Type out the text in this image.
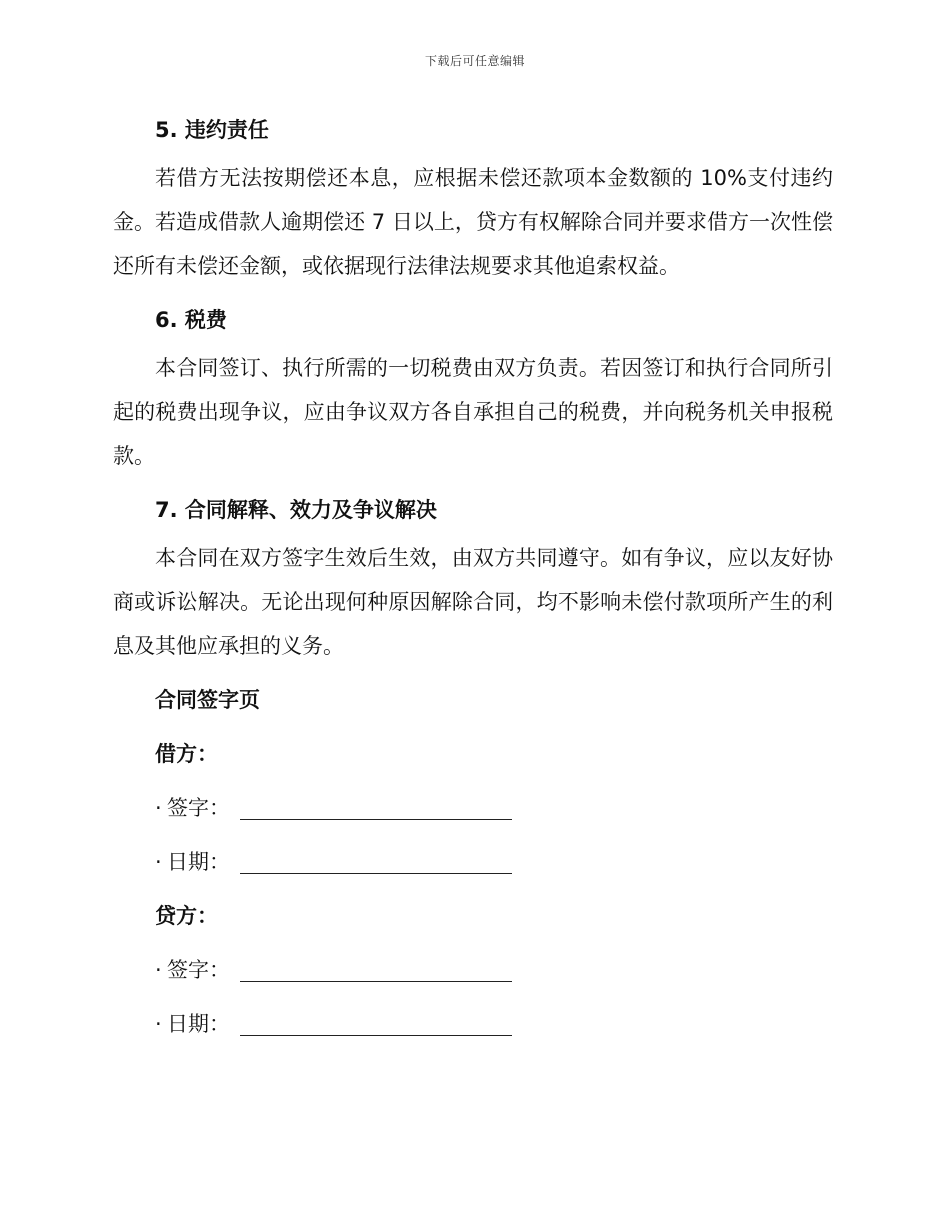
下载后可任意编辑
5. 违约责任

若借方无法按期偿还本息，应根据未偿还款项本金数额的 10%支付违约金。若造成借款人逾期偿还 7 日以上，贷方有权解除合同并要求借方一次性偿还所有未偿还金额，或依据现行法律法规要求其他追索权益。

6. 税费

本合同签订、执行所需的一切税费由双方负责。若因签订和执行合同所引起的税费出现争议，应由争议双方各自承担自己的税费，并向税务机关申报税款。

7. 合同解释、效力及争议解决

本合同在双方签字生效后生效，由双方共同遵守。如有争议，应以友好协商或诉讼解决。无论出现何种原因解除合同，均不影响未偿付款项所产生的利息及其他应承担的义务。

合同签字页
借方：
· 签字：
· 日期：
贷方：
· 签字：
· 日期：
